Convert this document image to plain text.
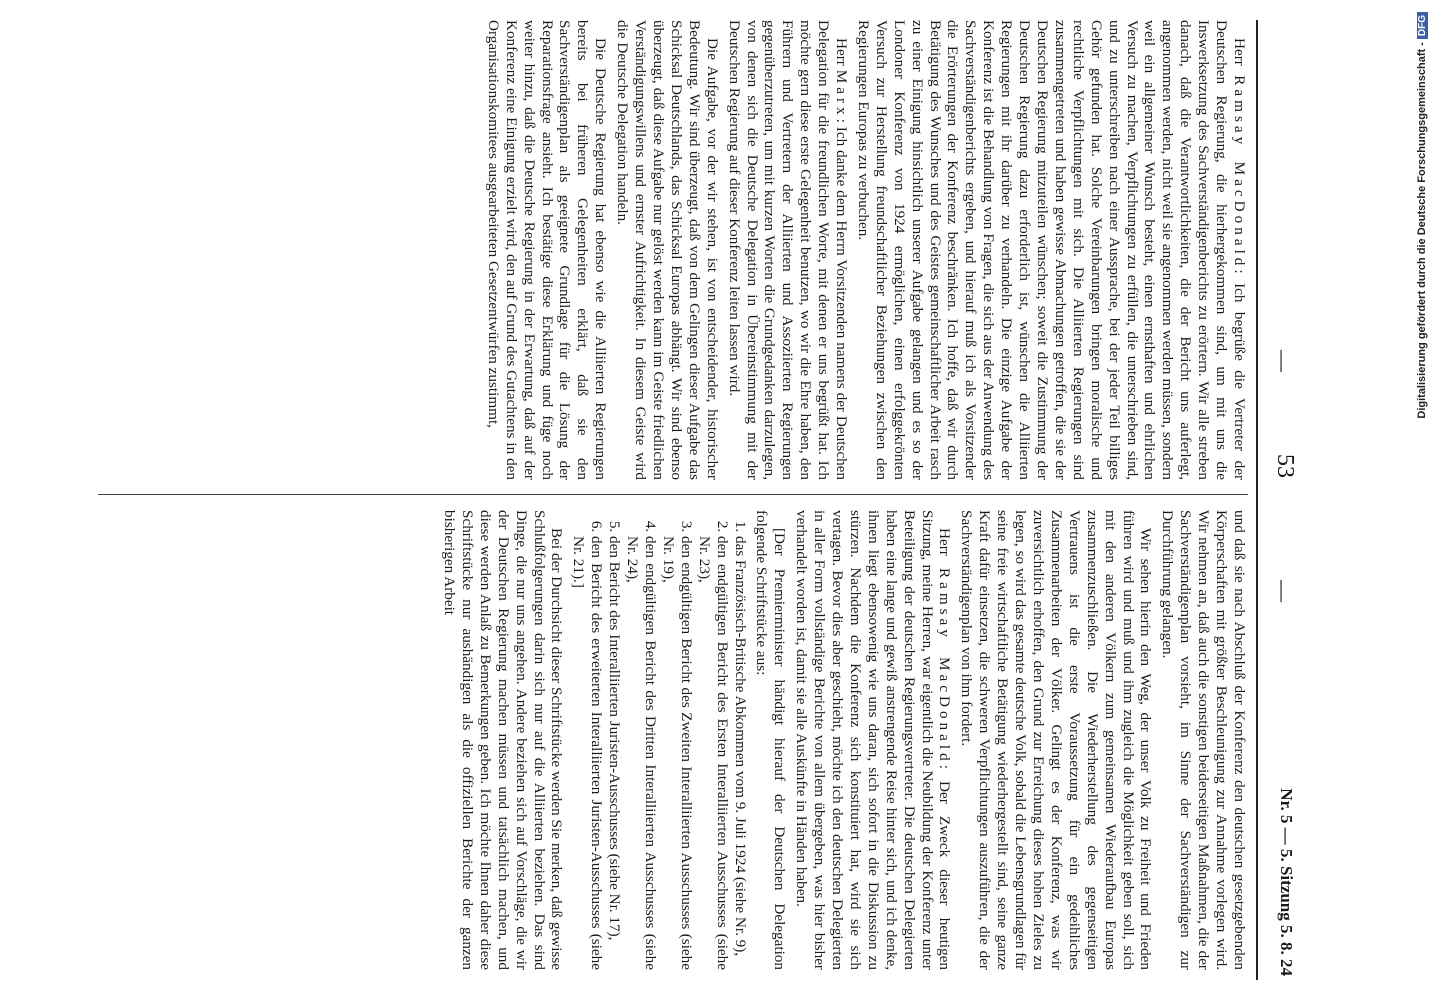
—
53
—
Nr. 5 — 5. Sitzung 5. 8. 24

Herr Ramsay MacDonald: Ich begrüße die Vertreter der Deutschen Regierung, die hierhergekommen sind, um mit uns die Inswerksetzung des Sachverständigenberichts zu erörtern. Wir alle streben danach, daß die Verantwortlichkeiten, die der Bericht uns auferlegt, angenommen werden, nicht weil sie angenommen werden müssen, sondern weil ein allgemeiner Wunsch besteht, einen ernsthaften und ehrlichen Versuch zu machen, Verpflichtungen zu erfüllen, die unterschrieben sind, und zu unterschreiben nach einer Aussprache, bei der jeder Teil billiges Gehör gefunden hat. Solche Vereinbarungen bringen moralische und rechtliche Verpflichtungen mit sich. Die Alliierten Regierungen sind zusammengetreten und haben gewisse Abmachungen getroffen, die sie der Deutschen Regierung mitzuteilen wünschen; soweit die Zustimmung der Deutschen Regierung dazu erforderlich ist, wünschen die Alliierten Regierungen mit ihr darüber zu verhandeln. Die einzige Aufgabe der Konferenz ist die Behandlung von Fragen, die sich aus der Anwendung des Sachverständigenberichts ergeben, und hierauf muß ich als Vorsitzender die Erörterungen der Konferenz beschränken. Ich hoffe, daß wir durch Betätigung des Wunsches und des Geistes gemeinschaftlicher Arbeit rasch zu einer Einigung hinsichtlich unserer Aufgabe gelangen und es so der Londoner Konferenz von 1924 ermöglichen, einen erfolggekrönten Versuch zur Herstellung freundschaftlicher Beziehungen zwischen den Regierungen Europas zu verbuchen.

Herr Marx: Ich danke dem Herrn Vorsitzenden namens der Deutschen Delegation für die freundlichen Worte, mit denen er uns begrüßt hat. Ich möchte gern diese erste Gelegenheit benutzen, wo wir die Ehre haben, den Führern und Vertretern der Alliierten und Assoziierten Regierungen gegenüberzutreten, um mit kurzen Worten die Grundgedanken darzulegen, von denen sich die Deutsche Delegation in Übereinstimmung mit der Deutschen Regierung auf dieser Konferenz leiten lassen wird.

Die Aufgabe, vor der wir stehen, ist von entscheidender, historischer Bedeutung. Wir sind überzeugt, daß von dem Gelingen dieser Aufgabe das Schicksal Deutschlands, das Schicksal Europas abhängt. Wir sind ebenso überzeugt, daß diese Aufgabe nur gelöst werden kann im Geiste friedlichen Verständigungswillens und ernster Aufrichtigkeit. In diesem Geiste wird die Deutsche Delegation handeln.

Die Deutsche Regierung hat ebenso wie die Alliierten Regierungen bereits bei früheren Gelegenheiten erklärt, daß sie den Sachverständigenplan als geeignete Grundlage für die Lösung der Reparationsfrage ansieht. Ich bestätige diese Erklärung und füge noch weiter hinzu, daß die Deutsche Regierung in der Erwartung, daß auf der Konferenz eine Einigung erzielt wird, den auf Grund des Gutachtens in den Organisationskomitees ausgearbeiteten Gesetzentwürfen zustimmt,

und daß sie nach Abschluß der Konferenz den deutschen gesetzgebenden Körperschaften mit größter Beschleunigung zur Annahme vorlegen wird. Wir nehmen an, daß auch die sonstigen beiderseitigen Maßnahmen, die der Sachverständigenplan vorsieht, im Sinne der Sachverständigen zur Durchführung gelangen.

Wir sehen hierin den Weg, der unser Volk zu Freiheit und Frieden führen wird und muß und ihm zugleich die Möglichkeit geben soll, sich mit den anderen Völkern zum gemeinsamen Wiederaufbau Europas zusammenzuschließen. Die Wiederherstellung des gegenseitigen Vertrauens ist die erste Voraussetzung für ein gedeihliches Zusammenarbeiten der Völker. Gelingt es der Konferenz, was wir zuversichtlich erhoffen, den Grund zur Erreichung dieses hohen Zieles zu legen, so wird das gesamte deutsche Volk, sobald die Lebensgrundlagen für seine freie wirtschaftliche Betätigung wiederhergestellt sind, seine ganze Kraft dafür einsetzen, die schweren Verpflichtungen auszuführen, die der Sachverständigenplan von ihm fordert.

Herr Ramsay MacDonald: Der Zweck dieser heutigen Sitzung, meine Herren, war eigentlich die Neubildung der Konferenz unter Beteiligung der deutschen Regierungsvertreter. Die deutschen Delegierten haben eine lange und gewiß anstrengende Reise hinter sich, und ich denke, ihnen liegt ebensowenig wie uns daran, sich sofort in die Diskussion zu stürzen. Nachdem die Konferenz sich konstituiert hat, wird sie sich vertagen. Bevor dies aber geschieht, möchte ich den deutschen Delegierten in aller Form vollständige Berichte von allem übergeben, was hier bisher verhandelt worden ist, damit sie alle Auskünfte in Händen haben.

[Der Premierminister händigt hierauf der Deutschen Delegation folgende Schriftstücke aus:

1. das Französisch-Britische Abkommen vom 9. Juli 1924 (siehe Nr. 9),
2. den endgültigen Bericht des Ersten Interalliierten Ausschusses (siehe Nr. 23),
3. den endgültigen Bericht des Zweiten Interalliierten Ausschusses (siehe Nr. 19),
4. den endgültigen Bericht des Dritten Interalliierten Ausschusses (siehe Nr. 24),
5. den Bericht des Interalliierten Juristen-Ausschusses (siehe Nr. 17),
6. den Bericht des erweiterten Interalliierten Juristen-Ausschusses (siehe Nr. 21).]

Bei der Durchsicht dieser Schriftstücke werden Sie merken, daß gewisse Schlußfolgerungen darin sich nur auf die Alliierten beziehen. Das sind Dinge, die nur uns angehen. Andere beziehen sich auf Vorschläge, die wir der Deutschen Regierung machen müssen und tatsächlich machen, und diese werden Anlaß zu Bemerkungen geben. Ich möchte Ihnen daher diese Schriftstücke nur aushändigen als die offiziellen Berichte der ganzen bisherigen Arbeit

Digitalisierung gefördert durch die Deutsche Forschungsgemeinschaft -DFG
